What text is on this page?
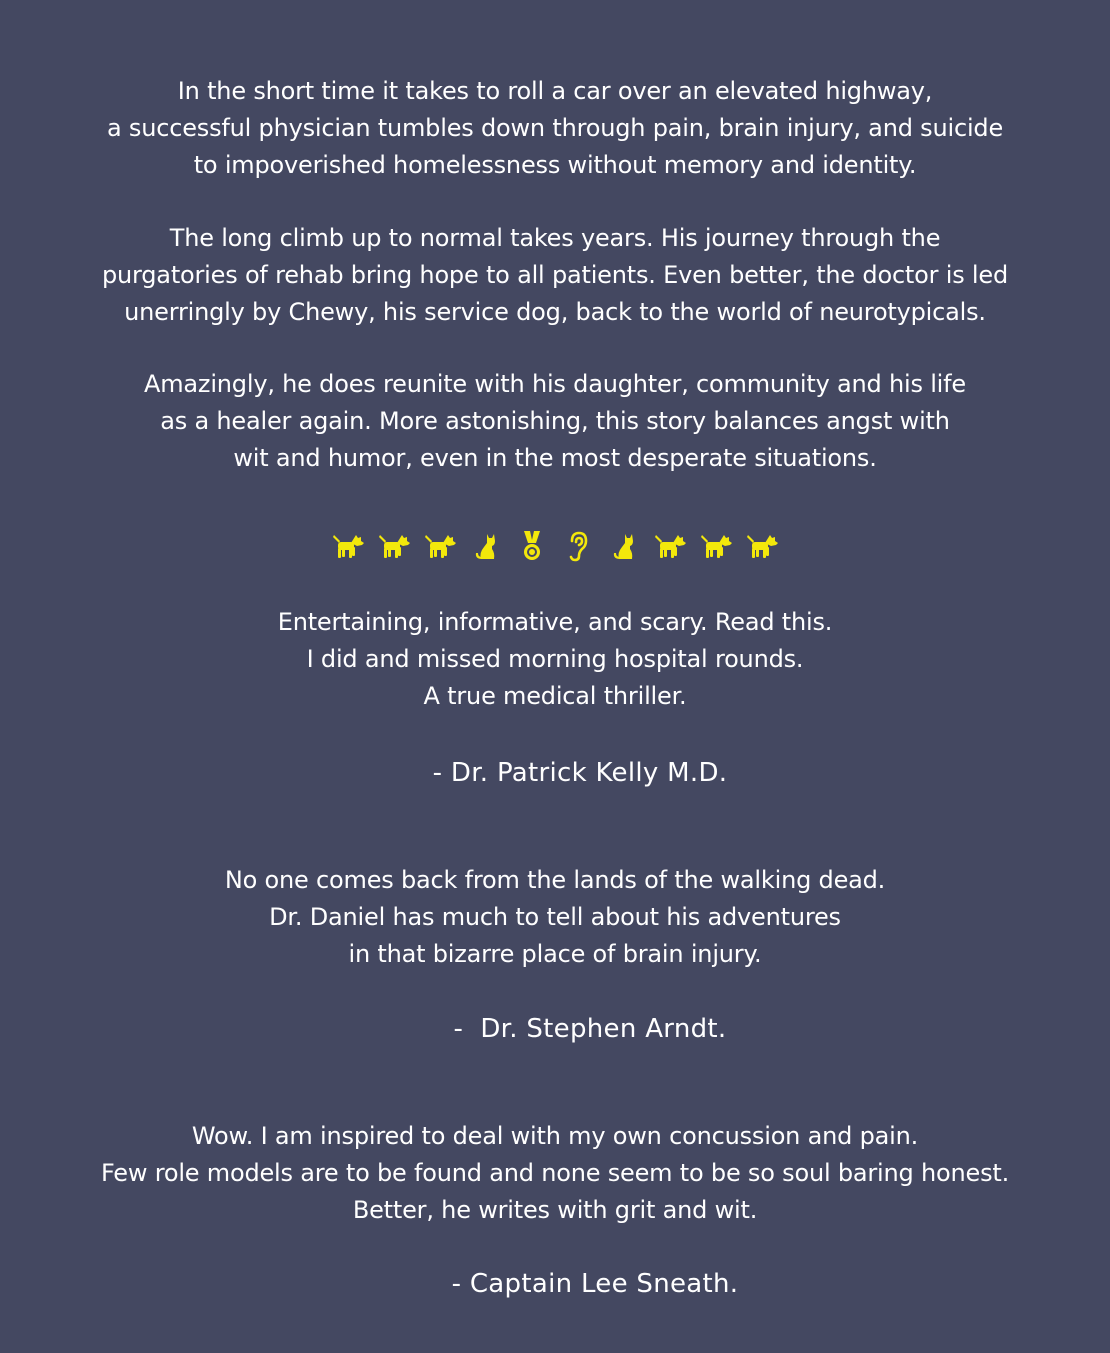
In the short time it takes to roll a car over an elevated highway,
a successful physician tumbles down through pain, brain injury, and suicide
to impoverished homelessness without memory and identity.
The long climb up to normal takes years. His journey through the
purgatories of rehab bring hope to all patients. Even better, the doctor is led
unerringly by Chewy, his service dog, back to the world of neurotypicals.
Amazingly, he does reunite with his daughter, community and his life
as a healer again. More astonishing, this story balances angst with
wit and humor, even in the most desperate situations.
Entertaining, informative, and scary. Read this.
I did and missed morning hospital rounds.
A true medical thriller.
- Dr. Patrick Kelly M.D.
No one comes back from the lands of the walking dead.
Dr. Daniel has much to tell about his adventures
in that bizarre place of brain injury.
-  Dr. Stephen Arndt.
Wow. I am inspired to deal with my own concussion and pain.
Few role models are to be found and none seem to be so soul baring honest.
Better, he writes with grit and wit.
- Captain Lee Sneath.
